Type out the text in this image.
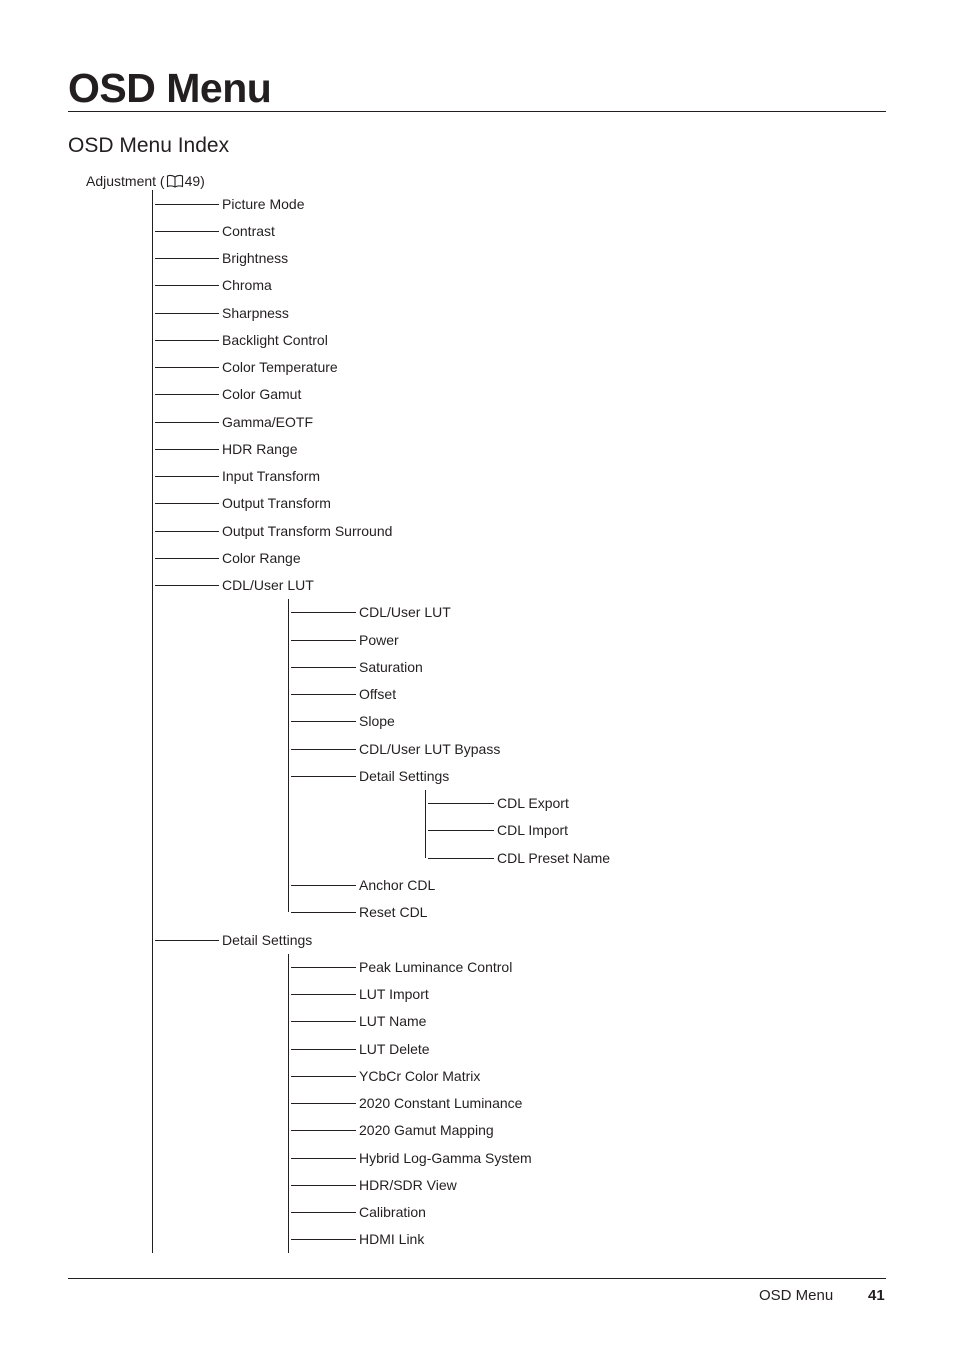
OSD Menu
OSD Menu Index
Adjustment ( 49)
Picture Mode
Contrast
Brightness
Chroma
Sharpness
Backlight Control
Color Temperature
Color Gamut
Gamma/EOTF
HDR Range
Input Transform
Output Transform
Output Transform Surround
Color Range
CDL/User LUT
CDL/User LUT
Power
Saturation
Offset
Slope
CDL/User LUT Bypass
Detail Settings
CDL Export
CDL Import
CDL Preset Name
Anchor CDL
Reset CDL
Detail Settings
Peak Luminance Control
LUT Import
LUT Name
LUT Delete
YCbCr Color Matrix
2020 Constant Luminance
2020 Gamut Mapping
Hybrid Log-Gamma System
HDR/SDR View
Calibration
HDMI Link
OSD Menu 41
